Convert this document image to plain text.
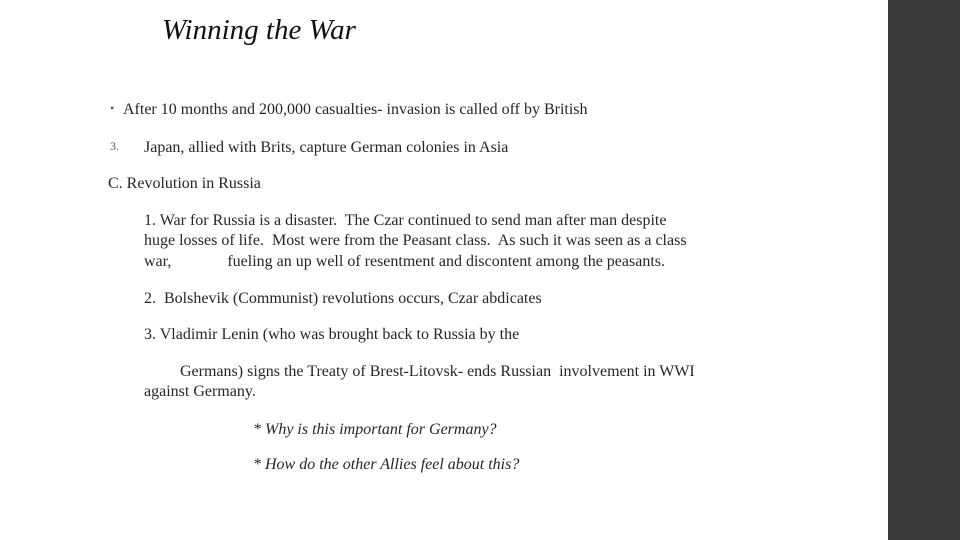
Winning the War
• After 10 months and 200,000 casualties- invasion is called off by British
3. Japan, allied with Brits, capture German colonies in Asia
C. Revolution in Russia
1. War for Russia is a disaster.  The Czar continued to send man after man despite
huge losses of life.  Most were from the Peasant class.  As such it was seen as a class
war,              fueling an up well of resentment and discontent among the peasants.
2.  Bolshevik (Communist) revolutions occurs, Czar abdicates
3. Vladimir Lenin (who was brought back to Russia by the
Germans) signs the Treaty of Brest-Litovsk- ends Russian  involvement in WWI
against Germany.
* Why is this important for Germany?
* How do the other Allies feel about this?
